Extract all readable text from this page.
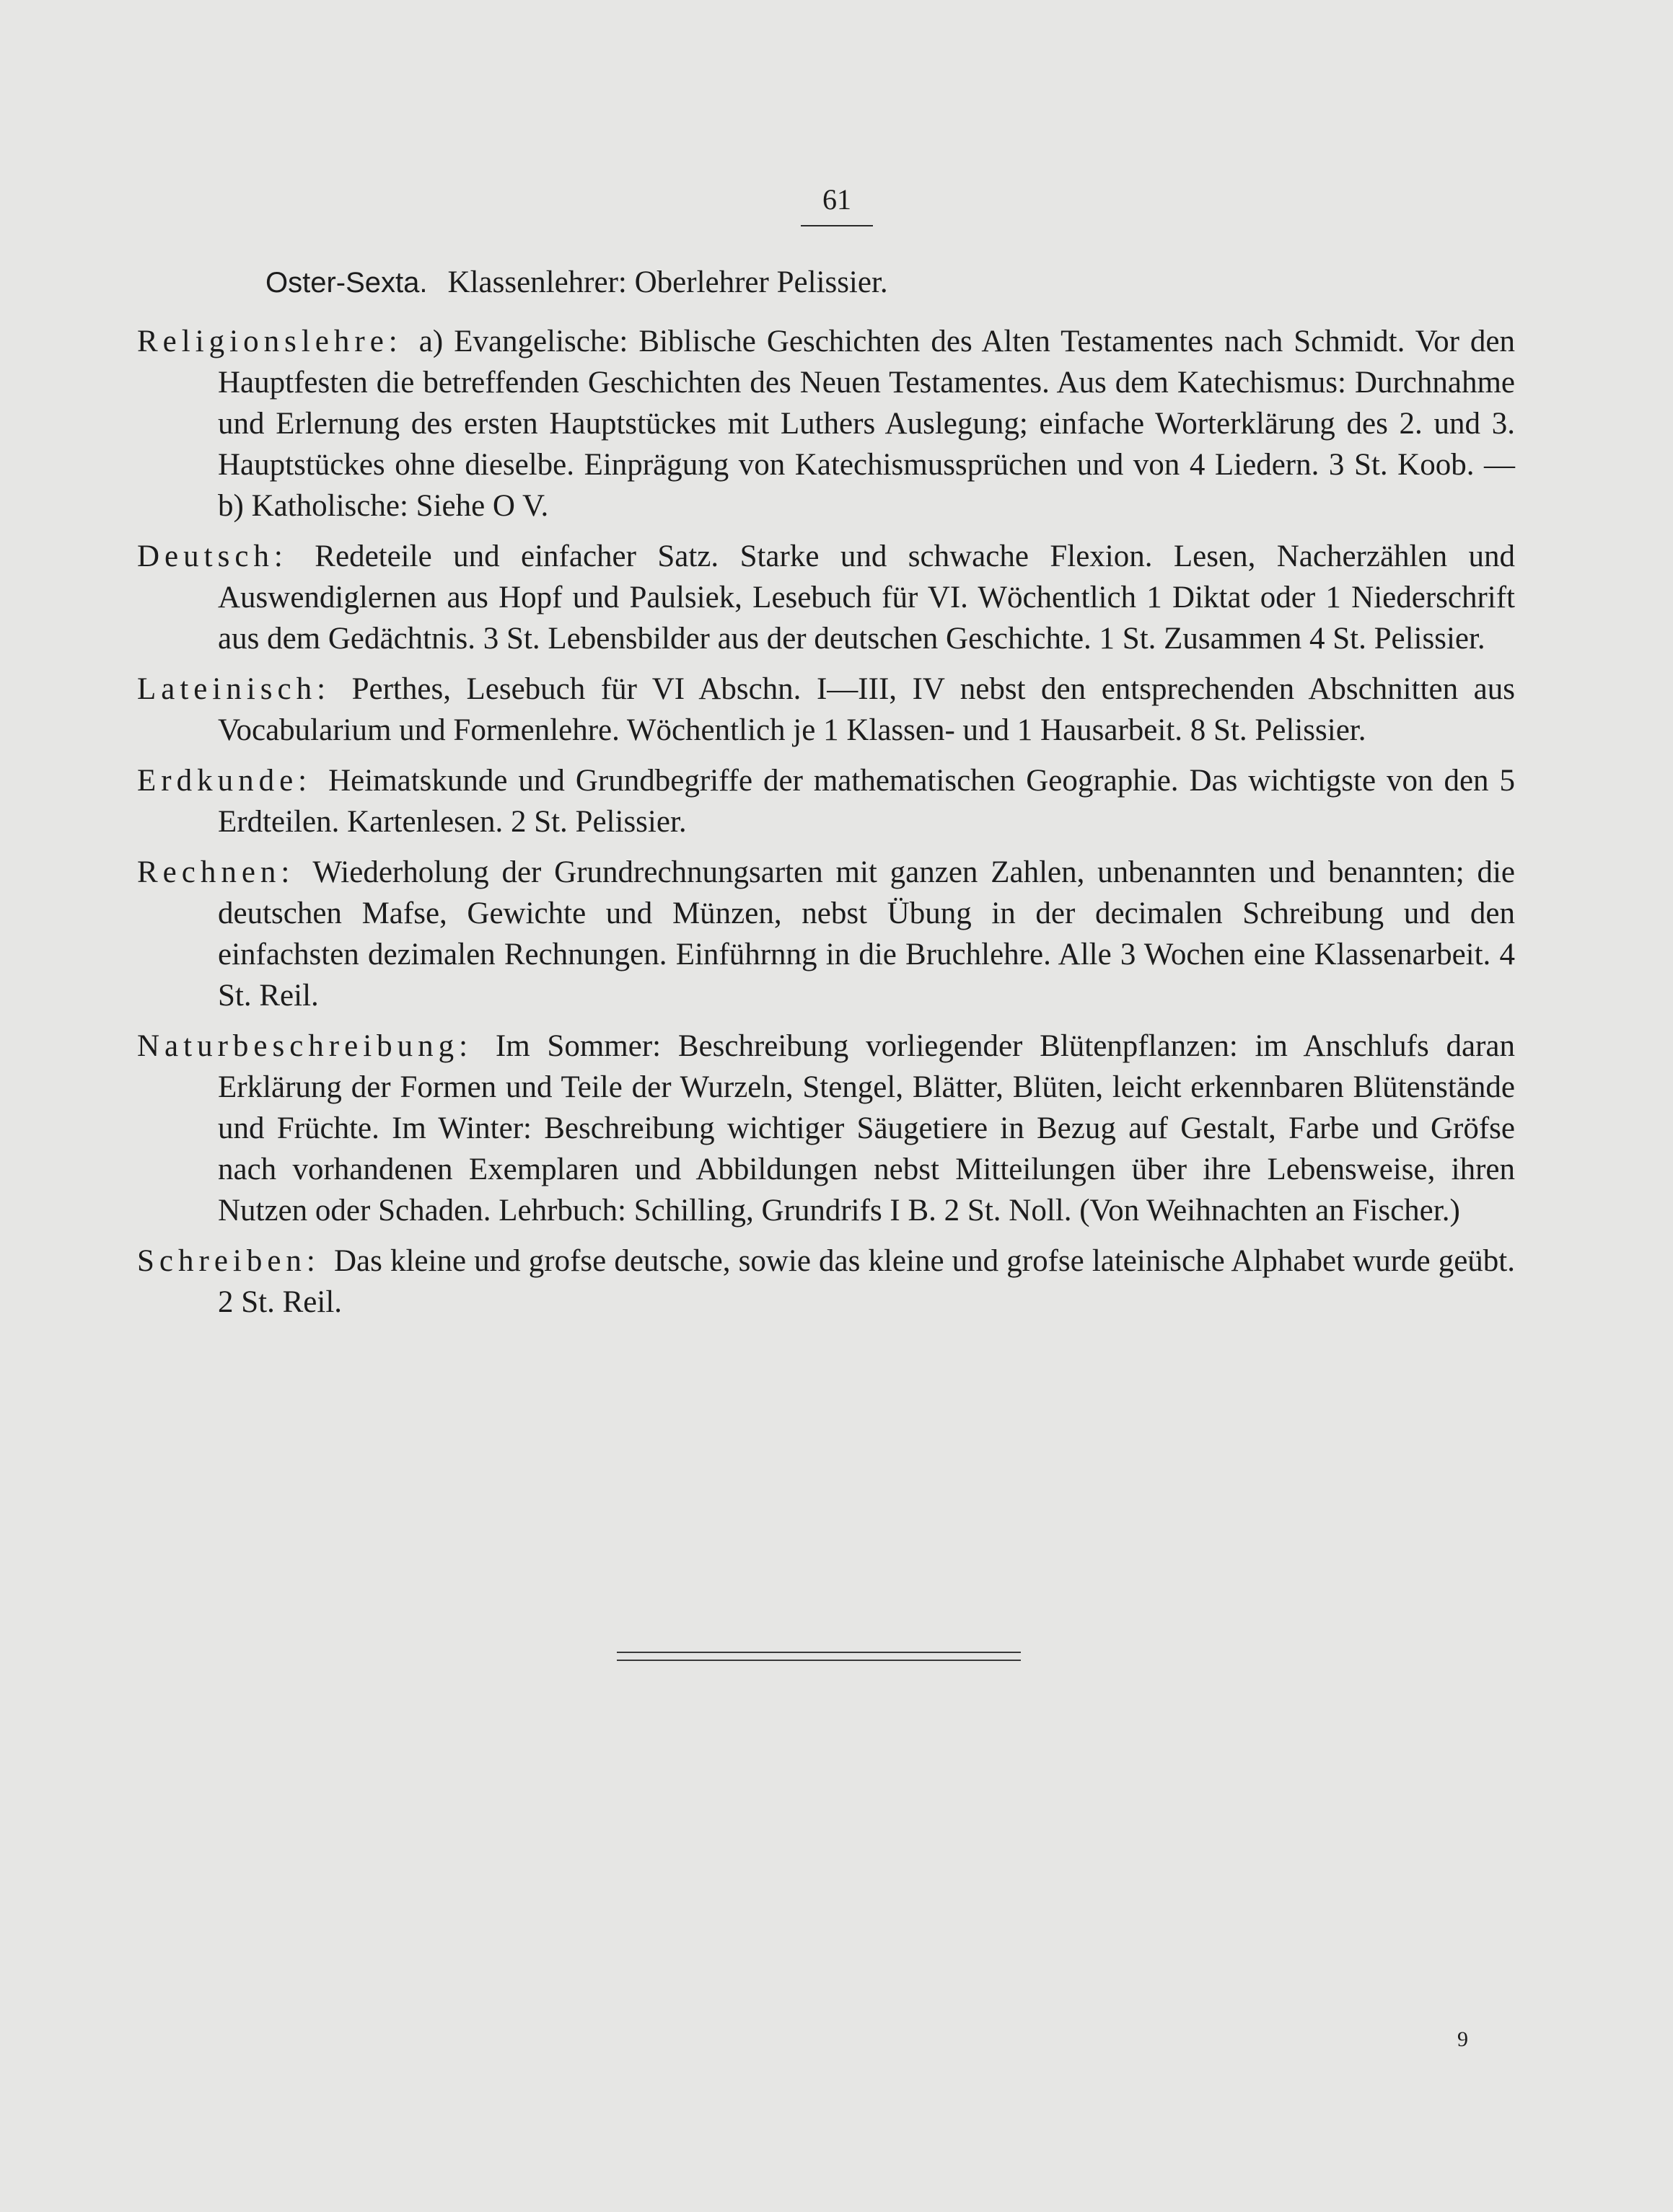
61
Oster-Sexta. Klassenlehrer: Oberlehrer Pelissier.

Religionslehre: a) Evangelische: Biblische Geschichten des Alten Testamentes nach Schmidt. Vor den Hauptfesten die betreffenden Geschichten des Neuen Testamentes. Aus dem Katechismus: Durchnahme und Erlernung des ersten Hauptstückes mit Luthers Auslegung; einfache Worterklärung des 2. und 3. Hauptstückes ohne dieselbe. Einprägung von Katechismussprüchen und von 4 Liedern. 3 St. Koob. — b) Katholische: Siehe O V.

Deutsch: Redeteile und einfacher Satz. Starke und schwache Flexion. Lesen, Nacherzählen und Auswendiglernen aus Hopf und Paulsiek, Lesebuch für VI. Wöchentlich 1 Diktat oder 1 Niederschrift aus dem Gedächtnis. 3 St. Lebensbilder aus der deutschen Geschichte. 1 St. Zusammen 4 St. Pelissier.

Lateinisch: Perthes, Lesebuch für VI Abschn. I—III, IV nebst den entsprechenden Abschnitten aus Vocabularium und Formenlehre. Wöchentlich je 1 Klassen- und 1 Hausarbeit. 8 St. Pelissier.

Erdkunde: Heimatskunde und Grundbegriffe der mathematischen Geographie. Das wichtigste von den 5 Erdteilen. Kartenlesen. 2 St. Pelissier.

Rechnen: Wiederholung der Grundrechnungsarten mit ganzen Zahlen, unbenannten und benannten; die deutschen Mafse, Gewichte und Münzen, nebst Übung in der decimalen Schreibung und den einfachsten dezimalen Rechnungen. Einführnng in die Bruchlehre. Alle 3 Wochen eine Klassenarbeit. 4 St. Reil.

Naturbeschreibung: Im Sommer: Beschreibung vorliegender Blütenpflanzen: im Anschlufs daran Erklärung der Formen und Teile der Wurzeln, Stengel, Blätter, Blüten, leicht erkennbaren Blütenstände und Früchte. Im Winter: Beschreibung wichtiger Säugetiere in Bezug auf Gestalt, Farbe und Gröfse nach vorhandenen Exemplaren und Abbildungen nebst Mitteilungen über ihre Lebensweise, ihren Nutzen oder Schaden. Lehrbuch: Schilling, Grundrifs I B. 2 St. Noll. (Von Weihnachten an Fischer.)

Schreiben: Das kleine und grofse deutsche, sowie das kleine und grofse lateinische Alphabet wurde geübt. 2 St. Reil.

9
